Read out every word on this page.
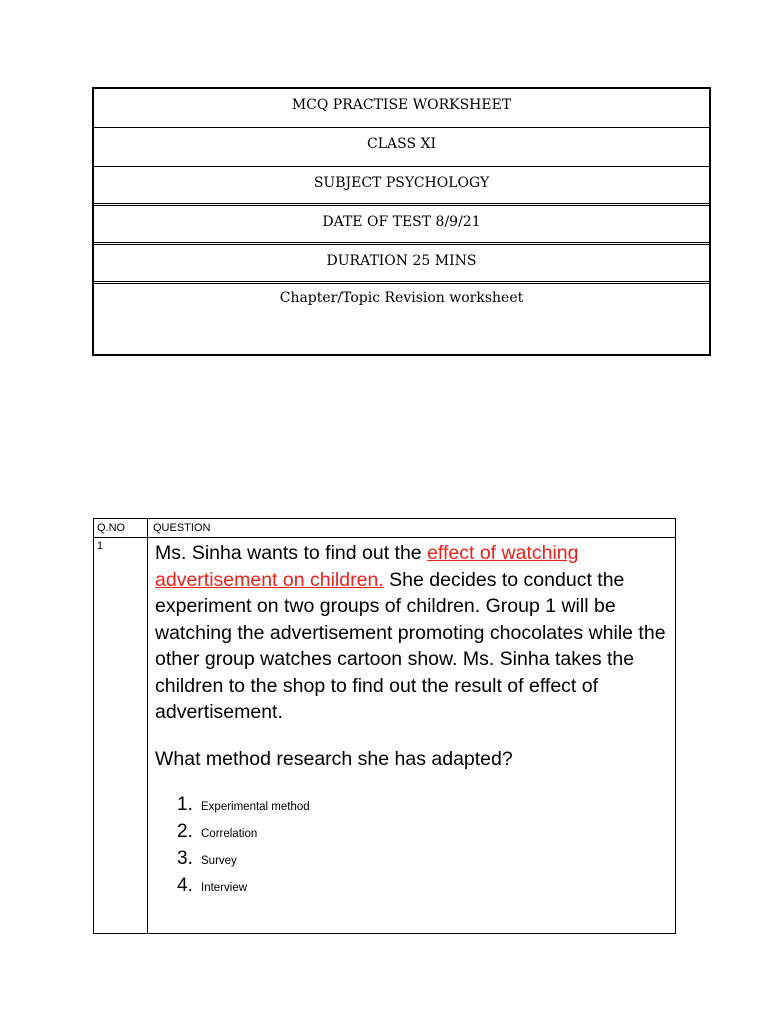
MCQ PRACTISE WORKSHEET
CLASS XI
SUBJECT PSYCHOLOGY
DATE OF TEST 8/9/21
DURATION 25 MINS
Chapter/Topic Revision worksheet
Q.NO	QUESTION
1	Ms. Sinha wants to find out the effect of watching advertisement on children. She decides to conduct the experiment on two groups of children. Group 1 will be watching the advertisement promoting chocolates while the other group watches cartoon show. Ms. Sinha takes the children to the shop to find out the result of effect of advertisement.

What method research she has adapted?
1. Experimental method
2. Correlation
3. Survey
4. Interview
